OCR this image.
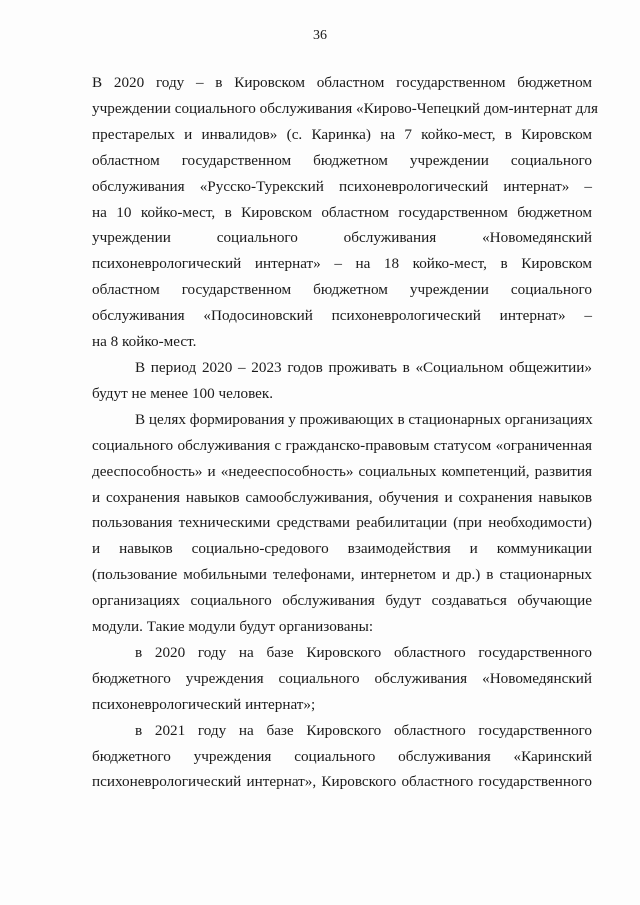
36
В 2020 году – в Кировском областном государственном бюджетном
учреждении социального обслуживания «Кирово-Чепецкий дом-интернат для
престарелых и инвалидов» (с. Каринка) на 7 койко-мест, в Кировском
областном государственном бюджетном учреждении социального
обслуживания «Русско-Турекский психоневрологический интернат» –
на 10 койко-мест, в Кировском областном государственном бюджетном
учреждении социального обслуживания «Новомедянский
психоневрологический интернат» – на 18 койко-мест, в Кировском
областном государственном бюджетном учреждении социального
обслуживания «Подосиновский психоневрологический интернат» –
на 8 койко-мест.
В период 2020 – 2023 годов проживать в «Социальном общежитии»
будут не менее 100 человек.
В целях формирования у проживающих в стационарных организациях
социального обслуживания с гражданско-правовым статусом «ограниченная
дееспособность» и «недееспособность» социальных компетенций, развития
и сохранения навыков самообслуживания, обучения и сохранения навыков
пользования техническими средствами реабилитации (при необходимости)
и навыков социально-средового взаимодействия и коммуникации
(пользование мобильными телефонами, интернетом и др.) в стационарных
организациях социального обслуживания будут создаваться обучающие
модули. Такие модули будут организованы:
в 2020 году на базе Кировского областного государственного
бюджетного учреждения социального обслуживания «Новомедянский
психоневрологический интернат»;
в 2021 году на базе Кировского областного государственного
бюджетного учреждения социального обслуживания «Каринский
психоневрологический интернат», Кировского областного государственного
